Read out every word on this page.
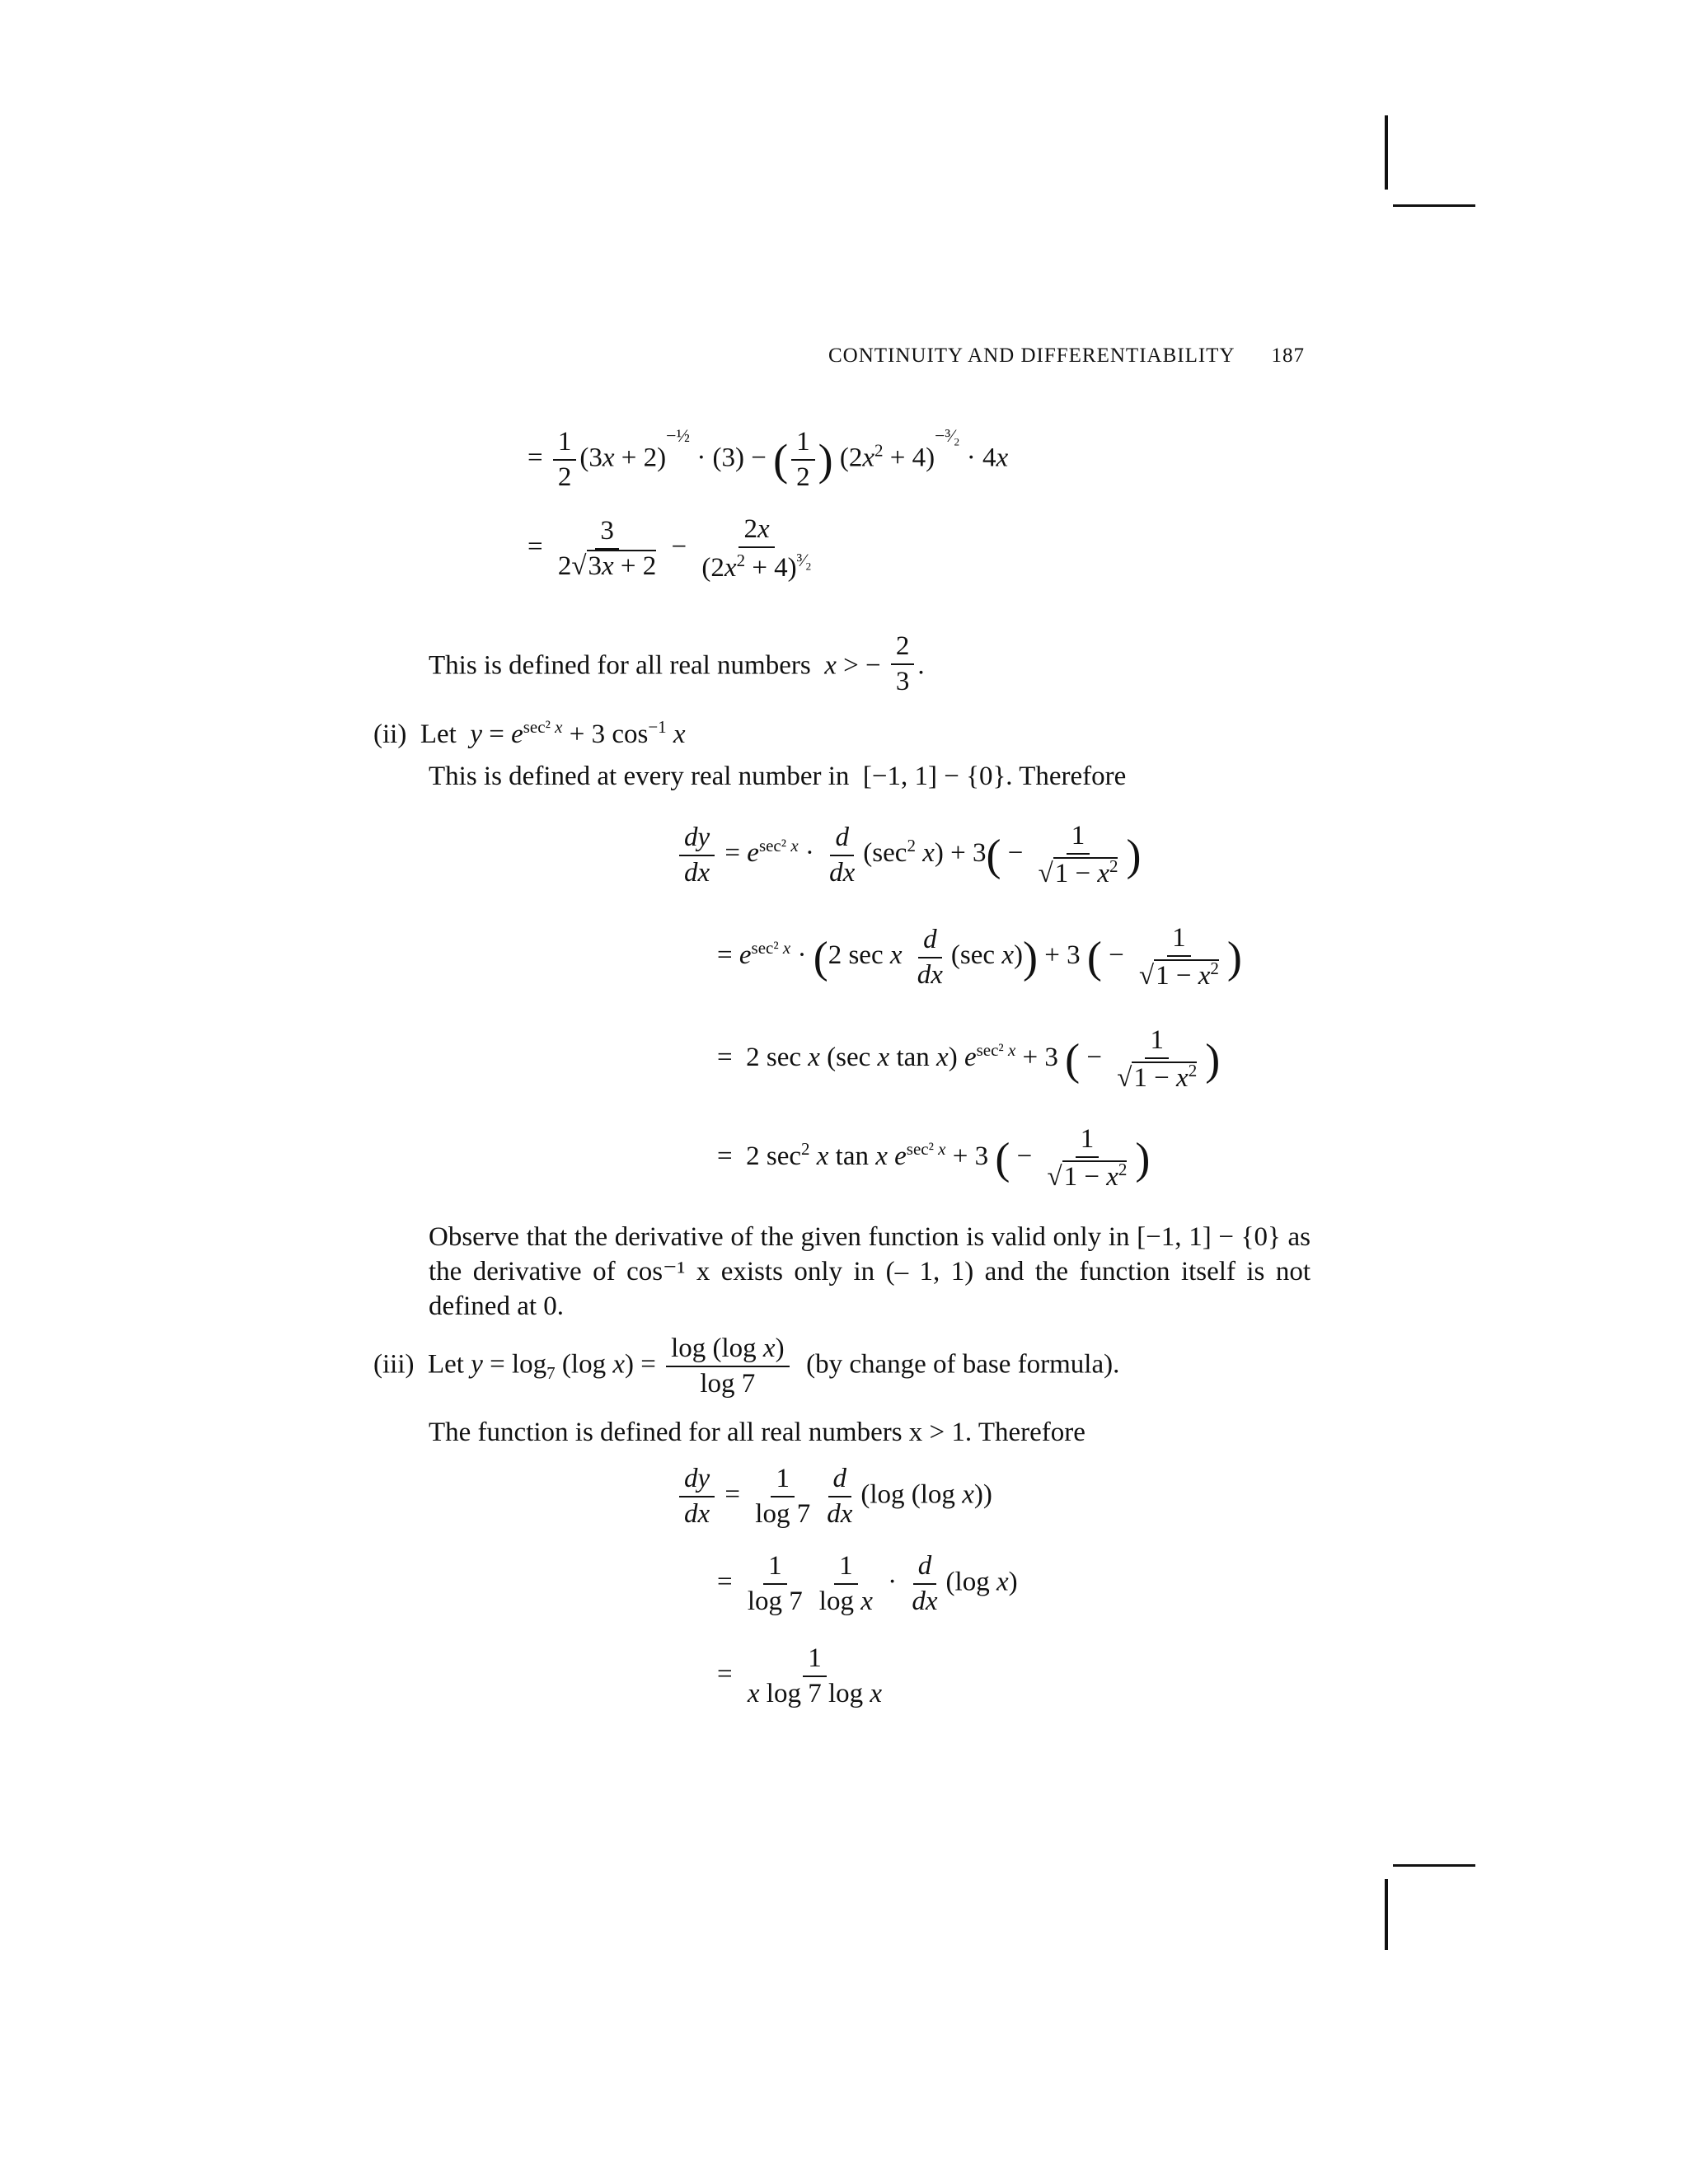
CONTINUITY AND DIFFERENTIABILITY 187
= $\frac{1}{2} (3x + 2)^{-\frac{1}{2}} \cdot (3)$ − ( $\frac{1}{2}$ ) $(2x^2 + 4)^{-^3⁄_2} \cdot 4x$
= $\frac{3}{2√3x + 2} - \frac{2x}{(2x^2 + 4)^{^3⁄_2}}$
This is defined for all real numbers x > − $\frac{2}{3}$ .
(ii) Let $y = e^{sec^2 x} + 3$ $\cos^{-1} x$
This is defined at every real number in  [−1, 1] − {0}. Therefore
$\frac{dy}{dx} = e^{sec^2 x} \cdot \frac{d}{dx} (\sec^2$ $x) + 3( - \frac{1}{√1 - x^2}$ )
= $e^{sec^2 x} \cdot (2$ sec x $\frac{d}{dx} (\sec$ x)) + 3 ( − $\frac{1}{√1 - x^2}$ )
=  2 sec x (sec x tan x) $e^{sec^2 x} + 3$ ( − $\frac{1}{√1 - x^2}$ )
=  2 $\sec^2 x$ tan x $e^{sec^2 x} + 3$ ( − $\frac{1}{√1 - x^2}$ )
Observe that the derivative of the given function is valid only in [−1, 1] − {0} as the derivative of cos⁻¹ x exists only in (– 1, 1) and the function itself is not defined at 0.
(iii) Let $y = \log_7 (\log$ $x) = \frac{\text{log (log x)}}{\log 7} (by$ change of base formula).
The function is defined for all real numbers x > 1. Therefore
$\frac{dy}{dx} = \frac{1}{\log 7} \frac{d}{dx} (\log$ (log x))
= $\frac{1}{\log 7} \frac{1}{\text{log x}} \cdot \frac{d}{dx} (\log$ x)
= $\frac{1}{\text{x log 7 log x}}$
